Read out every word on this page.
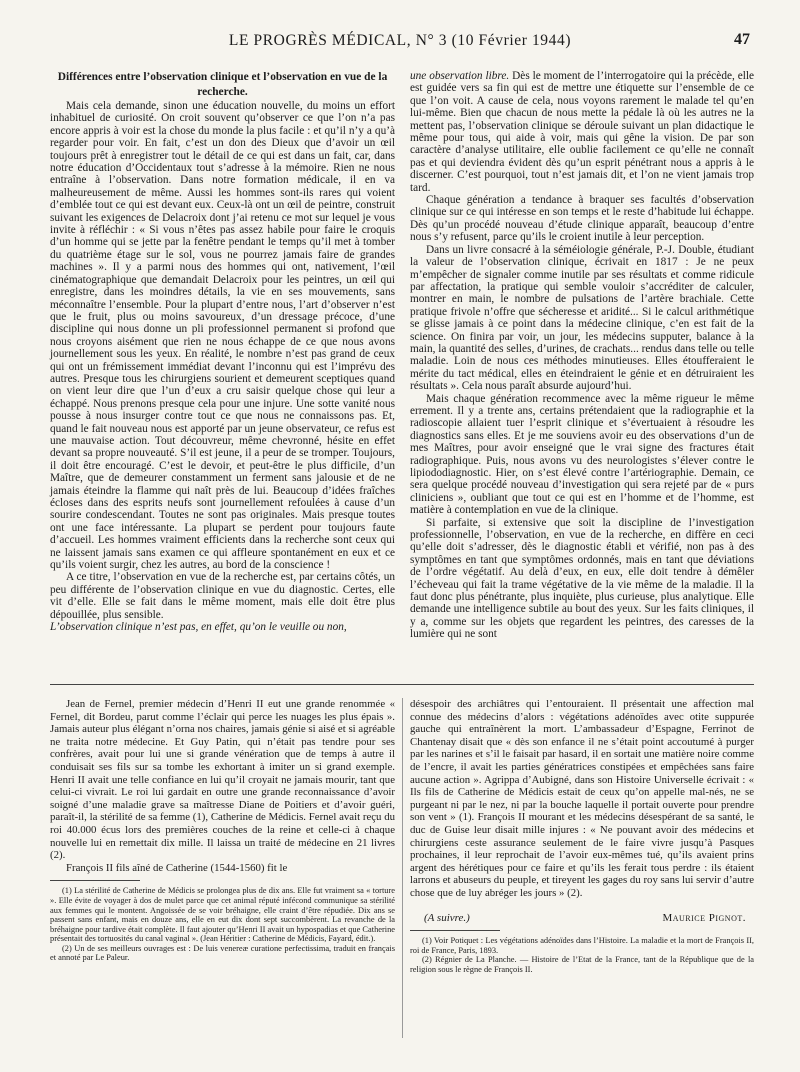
LE PROGRÈS MÉDICAL, N° 3 (10 Février 1944)	47

Différences entre l’observation clinique et l’observation en vue de la recherche.

Mais cela demande, sinon une éducation nouvelle, du moins un effort inhabituel de curiosité. On croit souvent qu’observer ce que l’on n’a pas encore appris à voir est la chose du monde la plus facile : et qu’il n’y a qu’à regarder pour voir. En fait, c’est un don des Dieux que d’avoir un œil toujours prêt à enregistrer tout le détail de ce qui est dans un fait, car, dans notre éducation d’Occidentaux tout s’adresse à la mémoire. Rien ne nous entraîne à l’observation. Dans notre formation médicale, il en va malheureusement de même. Aussi les hommes sont-ils rares qui voient d’emblée tout ce qui est devant eux. Ceux-là ont un œil de peintre, construit suivant les exigences de Delacroix dont j’ai retenu ce mot sur lequel je vous invite à réfléchir : « Si vous n’êtes pas assez habile pour faire le croquis d’un homme qui se jette par la fenêtre pendant le temps qu’il met à tomber du quatrième étage sur le sol, vous ne pourrez jamais faire de grandes machines ». Il y a parmi nous des hommes qui ont, nativement, l’œil cinématographique que demandait Delacroix pour les peintres, un œil qui enregistre, dans les moindres détails, la vie en ses mouvements, sans méconnaître l’ensemble. Pour la plupart d’entre nous, l’art d’observer n’est que le fruit, plus ou moins savoureux, d’un dressage précoce, d’une discipline qui nous donne un pli professionnel permanent si profond que nous croyons aisément que rien ne nous échappe de ce que nous avons journellement sous les yeux. En réalité, le nombre n’est pas grand de ceux qui ont un frémissement immédiat devant l’inconnu qui est l’imprévu des autres. Presque tous les chirurgiens sourient et demeurent sceptiques quand on vient leur dire que l’un d’eux a cru saisir quelque chose qui leur a échappé. Nous prenons presque cela pour une injure. Une sotte vanité nous pousse à nous insurger contre tout ce que nous ne connaissons pas. Et, quand le fait nouveau nous est apporté par un jeune observateur, ce refus est une mauvaise action. Tout découvreur, même chevronné, hésite en effet devant sa propre nouveauté. S’il est jeune, il a peur de se tromper. Toujours, il doit être encouragé. C’est le devoir, et peut-être le plus difficile, d’un Maître, que de demeurer constamment un ferment sans jalousie et de ne jamais éteindre la flamme qui naît près de lui. Beaucoup d’idées fraîches écloses dans des esprits neufs sont journellement refoulées à cause d’un sourire condescendant. Toutes ne sont pas originales. Mais presque toutes ont une face intéressante. La plupart se perdent pour toujours faute d’accueil. Les hommes vraiment efficients dans la recherche sont ceux qui ne laissent jamais sans examen ce qui affleure spontanément en eux et ce qu’ils voient surgir, chez les autres, au bord de la conscience !

A ce titre, l’observation en vue de la recherche est, par certains côtés, un peu différente de l’observation clinique en vue du diagnostic. Certes, elle vit d’elle. Elle se fait dans le même moment, mais elle doit être plus dépouillée, plus sensible.

L’observation clinique n’est pas, en effet, qu’on le veuille ou non,

une observation libre.

Dès le moment de l’interrogatoire qui la précède, elle est guidée vers sa fin qui est de mettre une étiquette sur l’ensemble de ce que l’on voit. A cause de cela, nous voyons rarement le malade tel qu’en lui-même. Bien que chacun de nous mette la pédale là où les autres ne la mettent pas, l’observation clinique se déroule suivant un plan didactique le même pour tous, qui aide à voir, mais qui gêne la vision. De par son caractère d’analyse utilitaire, elle oublie facilement ce qu’elle ne connaît pas et qui deviendra évident dès qu’un esprit pénétrant nous a appris à le discerner. C’est pourquoi, tout n’est jamais dit, et l’on ne vient jamais trop tard.

Chaque génération a tendance à braquer ses facultés d’observation clinique sur ce qui intéresse en son temps et le reste d’habitude lui échappe. Dès qu’un procédé nouveau d’étude clinique apparaît, beaucoup d’entre nous s’y refusent, parce qu’ils le croient inutile à leur perception.

Dans un livre consacré à la séméiologie générale, P.-J. Double, étudiant la valeur de l’observation clinique, écrivait en 1817 : Je ne peux m’empêcher de signaler comme inutile par ses résultats et comme ridicule par affectation, la pratique qui semble vouloir s’accréditer de calculer, montrer en main, le nombre de pulsations de l’artère brachiale. Cette pratique frivole n’offre que sécheresse et aridité... Si le calcul arithmétique se glisse jamais à ce point dans la médecine clinique, c’en est fait de la science. On finira par voir, un jour, les médecins supputer, balance à la main, la quantité des selles, d’urines, de crachats... rendus dans telle ou telle maladie. Loin de nous ces méthodes minutieuses. Elles étoufferaient le mérite du tact médical, elles en éteindraient le génie et en détruiraient les résultats ». Cela nous paraît absurde aujourd’hui.

Mais chaque génération recommence avec la même rigueur le même errement. Il y a trente ans, certains prétendaient que la radiographie et la radioscopie allaient tuer l’esprit clinique et s’évertuaient à résoudre les diagnostics sans elles. Et je me souviens avoir eu des observations d’un de mes Maîtres, pour avoir enseigné que le vrai signe des fractures était radiographique. Puis, nous avons vu des neurologistes s’élever contre le lipiododiagnostic. Hier, on s’est élevé contre l’artériographie. Demain, ce sera quelque procédé nouveau d’investigation qui sera rejeté par de « purs cliniciens », oubliant que tout ce qui est en l’homme et de l’homme, est matière à contemplation en vue de la clinique.

Si parfaite, si extensive que soit la discipline de l’investigation professionnelle, l’observation, en vue de la recherche, en diffère en ceci qu’elle doit s’adresser, dès le diagnostic établi et vérifié, non pas à des symptômes en tant que symptômes ordonnés, mais en tant que déviations de l’ordre végétatif. Au delà d’eux, en eux, elle doit tendre à démêler l’écheveau qui fait la trame végétative de la vie même de la maladie. Il la faut donc plus pénétrante, plus inquiète, plus curieuse, plus analytique. Elle demande une intelligence subtile au bout des yeux. Sur les faits cliniques, il y a, comme sur les objets que regardent les peintres, des caresses de la lumière qui ne sont

Jean de Fernel, premier médecin d’Henri II eut une grande renommée « Fernel, dit Bordeu, parut comme l’éclair qui perce les nuages les plus épais ». Jamais auteur plus élégant n’orna nos chaires, jamais génie si aisé et si agréable ne traita notre médecine. Et Guy Patin, qui n’était pas tendre pour ses confrères, avait pour lui une si grande vénération que de temps à autre il conduisait ses fils sur sa tombe les exhortant à imiter un si grand exemple. Henri II avait une telle confiance en lui qu’il croyait ne jamais mourir, tant que celui-ci vivrait. Le roi lui gardait en outre une grande reconnaissance d’avoir soigné d’une maladie grave sa maîtresse Diane de Poitiers et d’avoir guéri, paraît-il, la stérilité de sa femme (1), Catherine de Médicis. Fernel avait reçu du roi 40.000 écus lors des premières couches de la reine et celle-ci à chaque nouvelle lui en remettait dix mille. Il laissa un traité de médecine en 21 livres (2).

François II fils aîné de Catherine (1544-1560) fit le

(1) La stérilité de Catherine de Médicis se prolongea plus de dix ans. Elle fut vraiment sa « torture ». Elle évite de voyager à dos de mulet parce que cet animal réputé infécond communique sa stérilité aux femmes qui le montent. Angoissée de se voir bréhaigne, elle craint d’être répudiée. Dix ans se passent sans enfant, mais en douze ans, elle en eut dix dont sept succombèrent. La revanche de la bréhaigne pour tardive était complète. Il faut ajouter qu’Henri II avait un hypospadias et que Catherine présentait des tortuosités du canal vaginal ». (Jean Héritier : Catherine de Médicis, Fayard, édit.).

(2) Un de ses meilleurs ouvrages est : De luis venereæ curatione perfectissima, traduit en français et annoté par Le Paleur.

désespoir des archiâtres qui l’entouraient. Il présentait une affection mal connue des médecins d’alors : végétations adénoïdes avec otite suppurée gauche qui entraînèrent la mort. L’ambassadeur d’Espagne, Ferrinot de Chantenay disait que « dès son enfance il ne s’était point accoutumé à purger par les narines et s’il le faisait par hasard, il en sortait une matière noire comme de l’encre, il avait les parties génératrices constipées et empêchées sans faire aucune action ». Agrippa d’Aubigné, dans son Histoire Universelle écrivait : « Ils fils de Catherine de Médicis estait de ceux qu’on appelle mal-nés, ne se purgeant ni par le nez, ni par la bouche laquelle il portait ouverte pour prendre son vent » (1). François II mourant et les médecins désespérant de sa santé, le duc de Guise leur disait mille injures : « Ne pouvant avoir des médecins et chirurgiens ceste assurance seulement de le faire vivre jusqu’à Pasques prochaines, il leur reprochait de l’avoir eux-mêmes tué, qu’ils avaient prins argent des hérétiques pour ce faire et qu’ils les ferait tous perdre : ils étaient larrons et abuseurs du peuple, et tireyent les gages du roy sans lui servir d’autre chose que de luy abréger les jours » (2).

(A suivre.)	Maurice Pignot.

(1) Voir Potiquet : Les végétations adénoïdes dans l’Histoire. La maladie et la mort de François II, roi de France, Paris, 1893.

(2) Régnier de La Planche. — Histoire de l’Etat de la France, tant de la République que de la religion sous le règne de François II.
